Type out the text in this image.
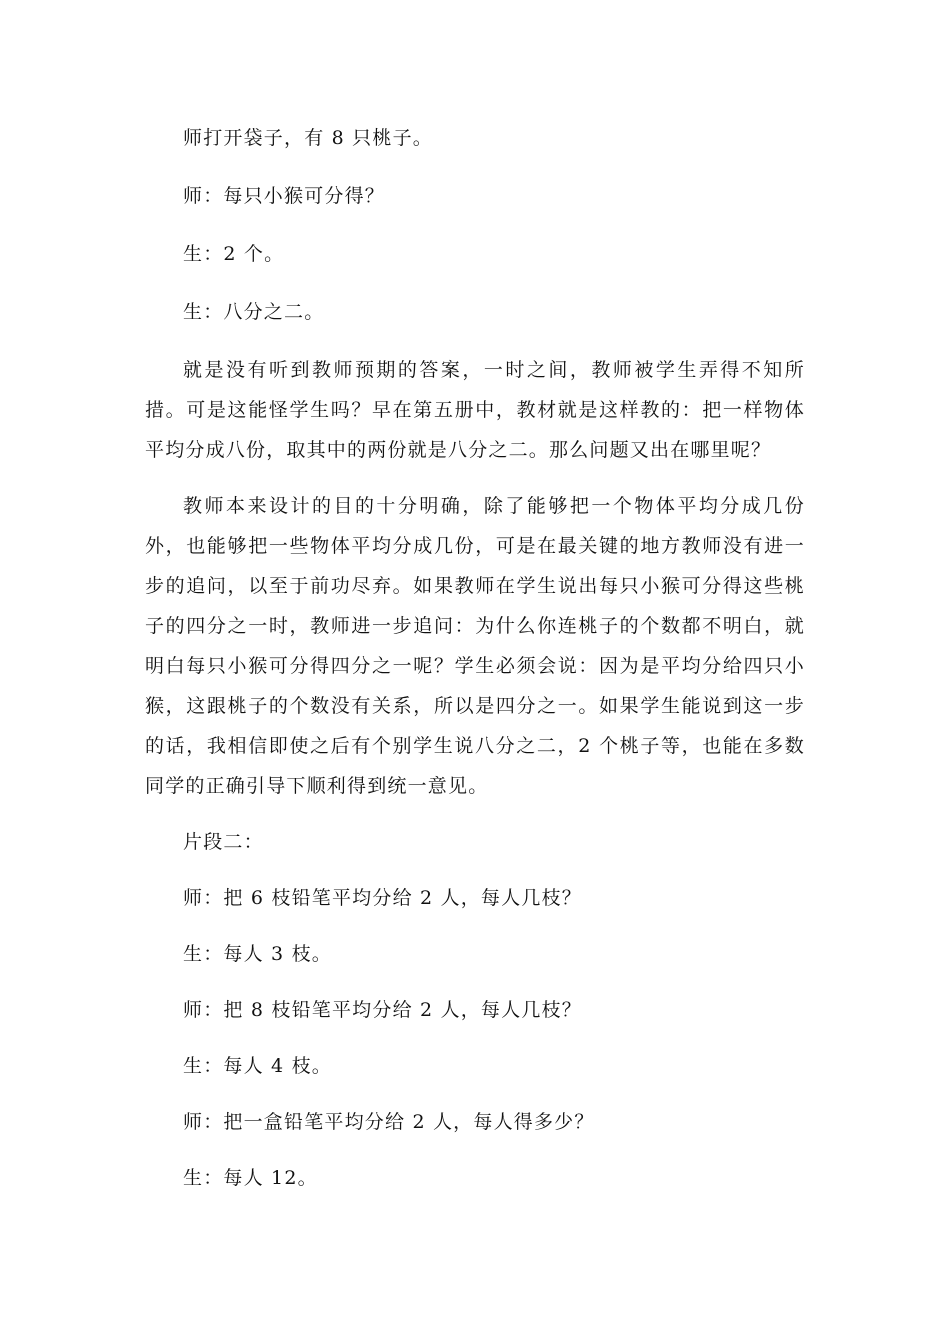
师打开袋子，有 8 只桃子。

师：每只小猴可分得？

生：2 个。

生：八分之二。

就是没有听到教师预期的答案，一时之间，教师被学生弄得不知所措。可是这能怪学生吗？早在第五册中，教材就是这样教的：把一样物体平均分成八份，取其中的两份就是八分之二。那么问题又出在哪里呢？

教师本来设计的目的十分明确，除了能够把一个物体平均分成几份外，也能够把一些物体平均分成几份，可是在最关键的地方教师没有进一步的追问，以至于前功尽弃。如果教师在学生说出每只小猴可分得这些桃子的四分之一时，教师进一步追问：为什么你连桃子的个数都不明白，就明白每只小猴可分得四分之一呢？学生必须会说：因为是平均分给四只小猴，这跟桃子的个数没有关系，所以是四分之一。如果学生能说到这一步的话，我相信即使之后有个别学生说八分之二，2 个桃子等，也能在多数同学的正确引导下顺利得到统一意见。

片段二：

师：把 6 枝铅笔平均分给 2 人，每人几枝？

生：每人 3 枝。

师：把 8 枝铅笔平均分给 2 人，每人几枝？

生：每人 4 枝。

师：把一盒铅笔平均分给 2 人，每人得多少？

生：每人 12。
